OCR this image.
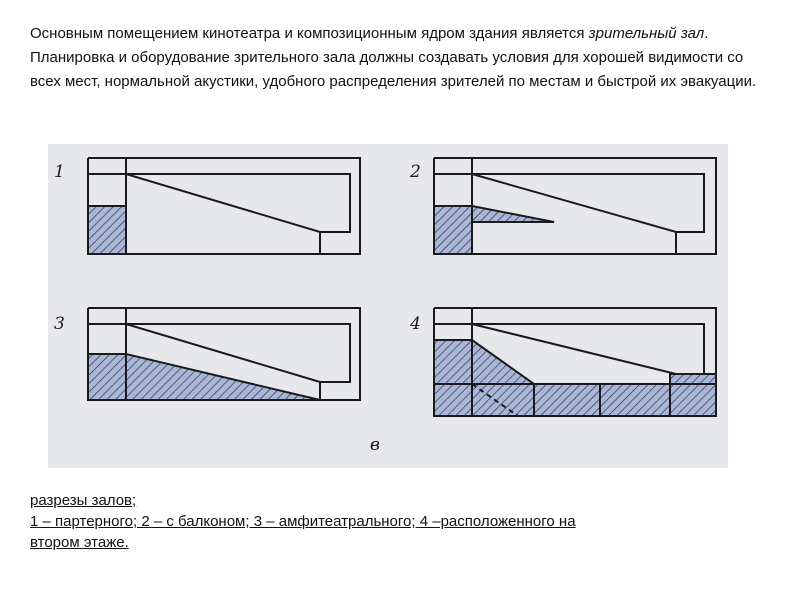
Основным помещением кинотеатра и композиционным ядром здания является зрительный зал. Планировка и оборудование зрительного зала должны создавать условия для хорошей видимости со всех мест, нормальной акустики, удобного распределения зрителей по местам и быстрой их эвакуации.

1	2
3	4
в

разрезы залов;
1 – партерного; 2 – с балконом; 3 – амфитеатрального; 4 –расположенного на
втором этаже.
